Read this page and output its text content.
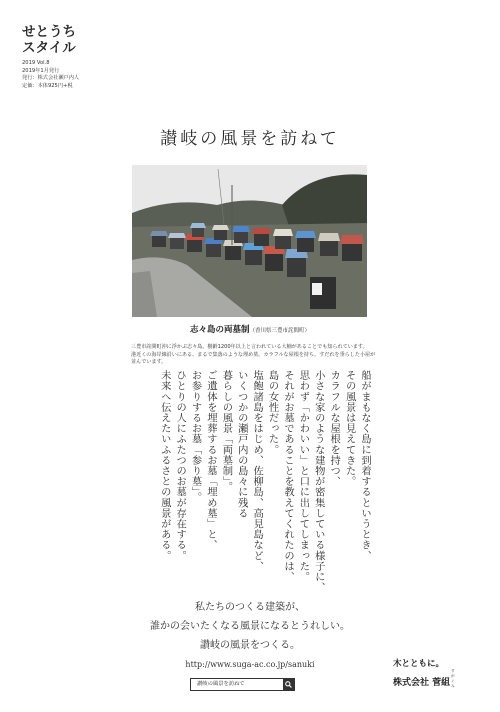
せとうち
スタイル
2019 Vol.8
2019年1月発行
発行：株式会社瀬戸内人
定価：本体925円+税
讃岐の風景を訪ねて
志々島の両墓制（香川県三豊市詫間町）

三豊市詫間町沖に浮かぶ志々島。樹齢1200年以上と言われている大楠があることでも知られています。

港近くの海岸線沿いにある、まるで集落のような埋め墓。カラフルな屋根を持ち、すだれを垂らした小屋が並んでいます。

船がまもなく島に到着するというとき、

その風景は見えてきた。

カラフルな屋根を持つ、

小さな家のような建物が密集している様子に、

思わず「かわいい」と口に出してしまった。

それがお墓であることを教えてくれたのは、

島の女性だった。

塩飽諸島をはじめ、佐柳島、高見島など、

いくつかの瀬戸内の島々に残る

暮らしの風景「両墓制」。

ご遺体を埋葬するお墓「埋め墓」と、

お参りするお墓「参り墓」。

ひとりの人にふたつのお墓が存在する。

未来へ伝えたいふるさとの風景がある。

私たちのつくる建築が、

誰かの会いたくなる風景になるとうれしい。

讃岐の風景をつくる。

http://www.suga-ac.co.jp/sanuki
讃岐の風景を訪ねて
木とともに。
株式会社 菅組
すがぐみ
